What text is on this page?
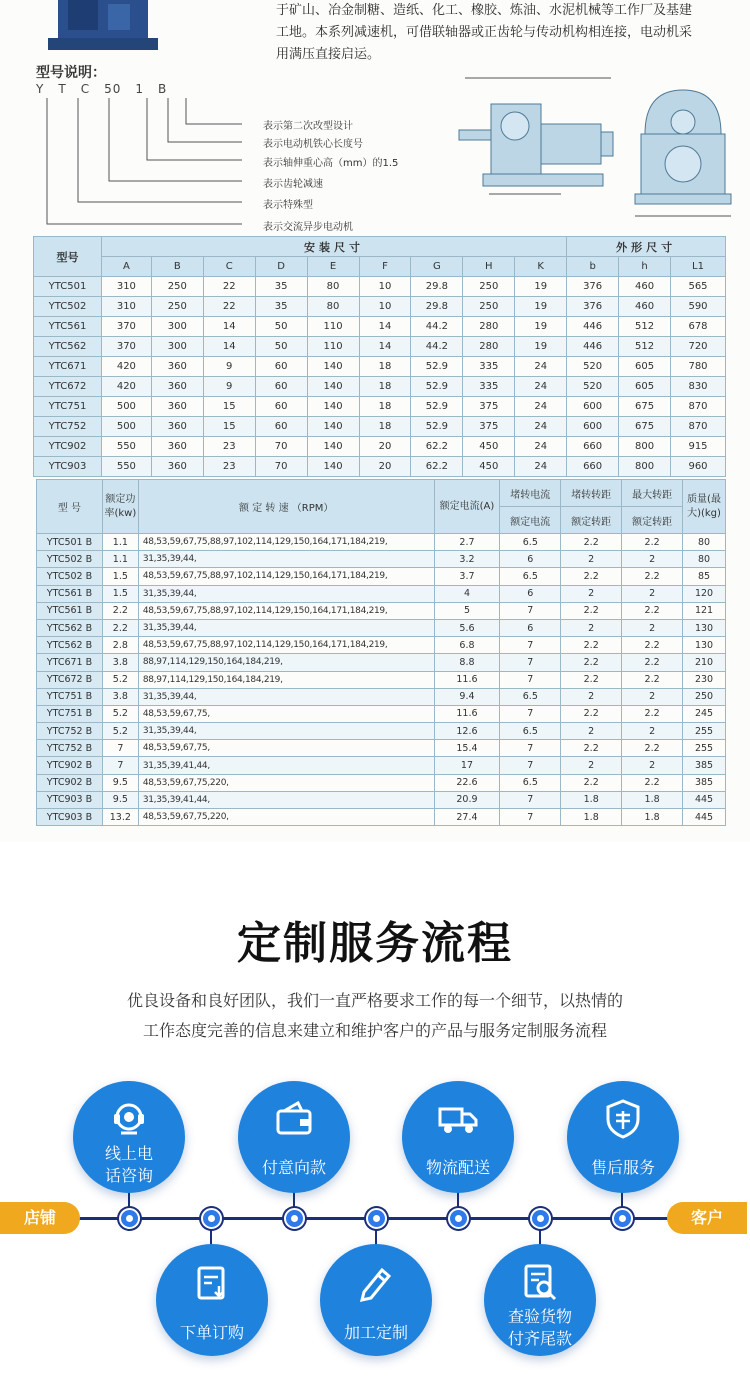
于矿山、冶金制糖、造纸、化工、橡胶、炼油、水泥机械等工作厂及基建
工地。本系列减速机，可借联轴器或正齿轮与传动机构相连接，电动机采
用满压直接启运。
型号说明：
Y T C 50 1 B
表示第二次改型设计
表示电动机铁心长度号
表示轴伸重心高（mm）的1.5
表示齿轮减速
表示特殊型
表示交流异步电动机
型号	安装尺寸									外形尺寸		
	A	B	C	D	E	F	G	H	K	b	h	L1
YTC501	310	250	22	35	80	10	29.8	250	19	376	460	565
YTC502	310	250	22	35	80	10	29.8	250	19	376	460	590
YTC561	370	300	14	50	110	14	44.2	280	19	446	512	678
YTC562	370	300	14	50	110	14	44.2	280	19	446	512	720
YTC671	420	360	9	60	140	18	52.9	335	24	520	605	780
YTC672	420	360	9	60	140	18	52.9	335	24	520	605	830
YTC751	500	360	15	60	140	18	52.9	375	24	600	675	870
YTC752	500	360	15	60	140	18	52.9	375	24	600	675	870
YTC902	550	360	23	70	140	20	62.2	450	24	660	800	915
YTC903	550	360	23	70	140	20	62.2	450	24	660	800	960
型 号	额定功率(kw)	额 定 转 速 （RPM）	额定电流(A)	堵转电流	堵转转距	最大转距	质量(最大)(kg)
				额定电流	额定转距	额定转距	
YTC501 B	1.1	48,53,59,67,75,88,97,102,114,129,150,164,171,184,219,	2.7	6.5	2.2	2.2	80
YTC502 B	1.1	31,35,39,44,	3.2	6	2	2	80
YTC502 B	1.5	48,53,59,67,75,88,97,102,114,129,150,164,171,184,219,	3.7	6.5	2.2	2.2	85
YTC561 B	1.5	31,35,39,44,	4	6	2	2	120
YTC561 B	2.2	48,53,59,67,75,88,97,102,114,129,150,164,171,184,219,	5	7	2.2	2.2	121
YTC562 B	2.2	31,35,39,44,	5.6	6	2	2	130
YTC562 B	2.8	48,53,59,67,75,88,97,102,114,129,150,164,171,184,219,	6.8	7	2.2	2.2	130
YTC671 B	3.8	88,97,114,129,150,164,184,219,	8.8	7	2.2	2.2	210
YTC672 B	5.2	88,97,114,129,150,164,184,219,	11.6	7	2.2	2.2	230
YTC751 B	3.8	31,35,39,44,	9.4	6.5	2	2	250
YTC751 B	5.2	48,53,59,67,75,	11.6	7	2.2	2.2	245
YTC752 B	5.2	31,35,39,44,	12.6	6.5	2	2	255
YTC752 B	7	48,53,59,67,75,	15.4	7	2.2	2.2	255
YTC902 B	7	31,35,39,41,44,	17	7	2	2	385
YTC902 B	9.5	48,53,59,67,75,220,	22.6	6.5	2.2	2.2	385
YTC903 B	9.5	31,35,39,41,44,	20.9	7	1.8	1.8	445
YTC903 B	13.2	48,53,59,67,75,220,	27.4	7	1.8	1.8	445
定制服务流程
优良设备和良好团队，我们一直严格要求工作的每一个细节，以热情的
工作态度完善的信息来建立和维护客户的产品与服务定制服务流程
店铺	客户
线上电
话咨询	付意向款	物流配送	售后服务
下单订购	加工定制
查验货物
付齐尾款
